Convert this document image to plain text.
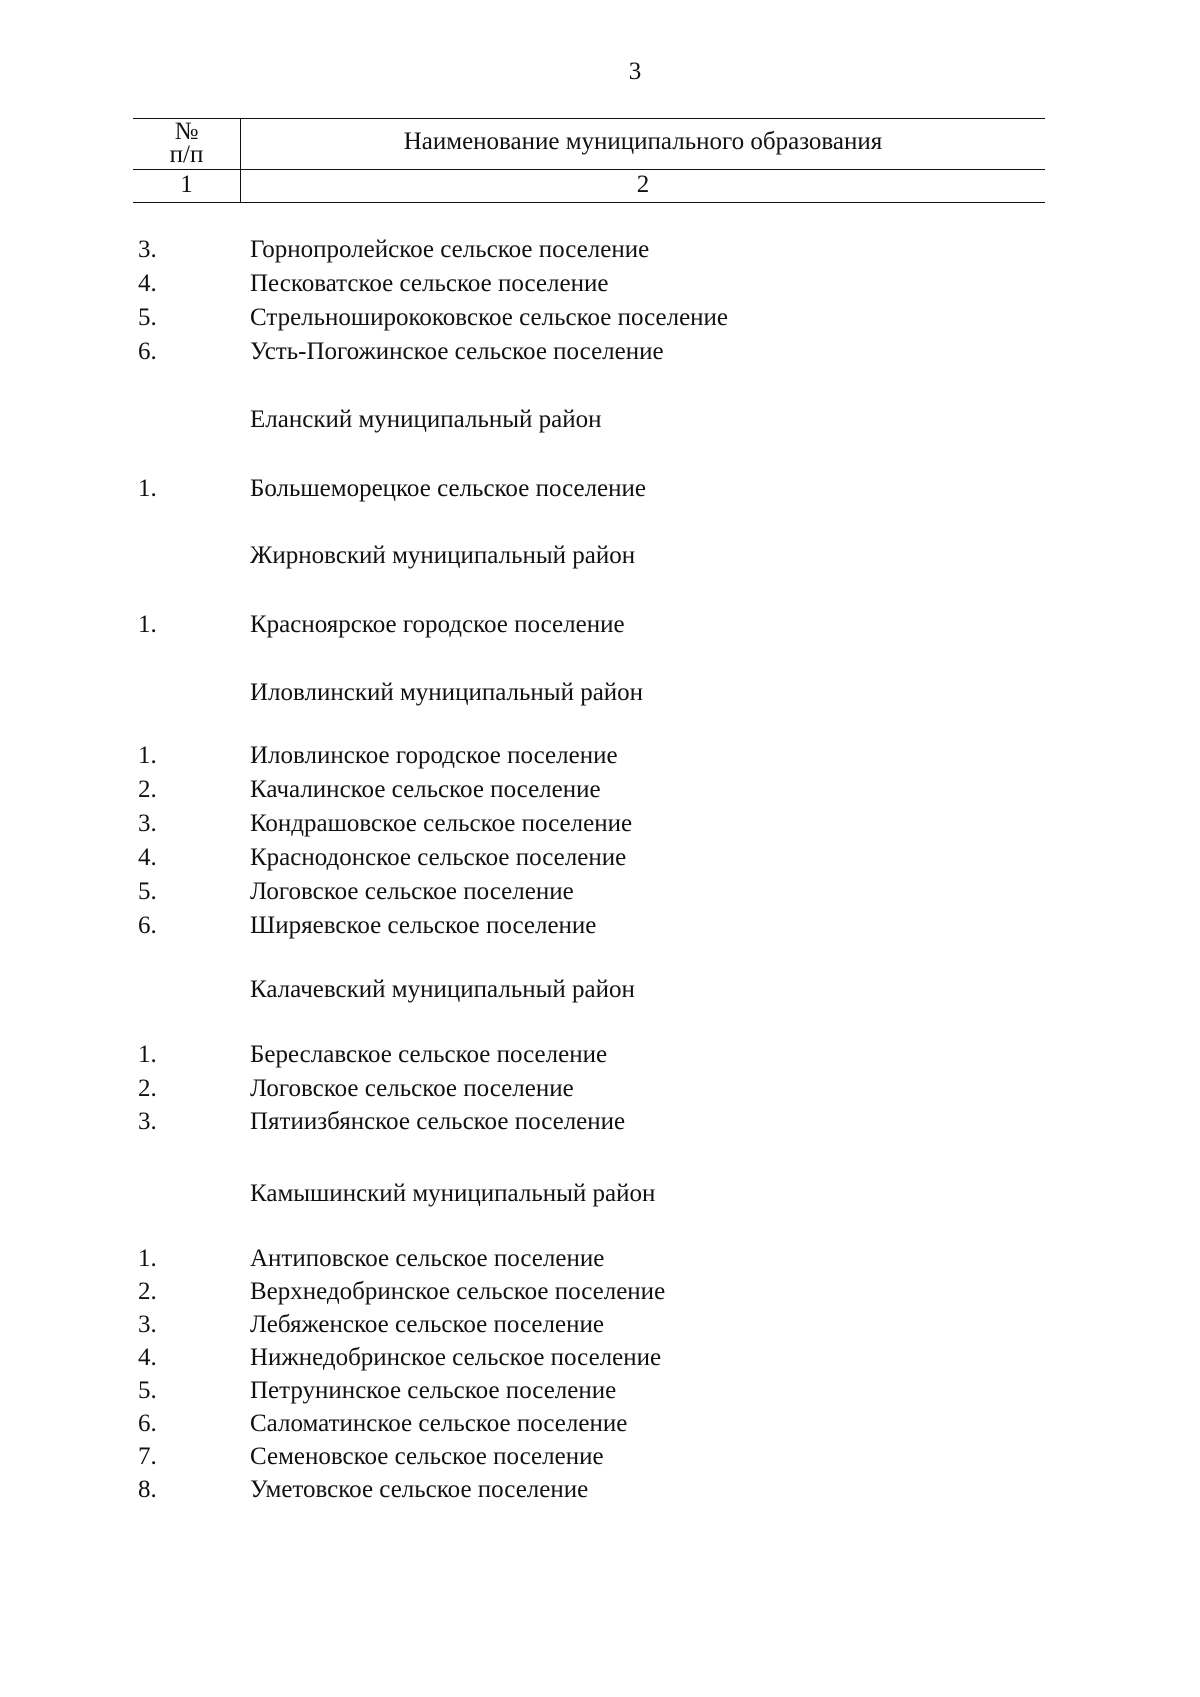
3
№
п/п	Наименование муниципального образования
1	2
3.	Горнопролейское сельское поселение
4.	Песковатское сельское поселение
5.	Стрельноширококовское сельское поселение
6.	Усть-Погожинское сельское поселение
Еланский муниципальный район
1.	Большеморецкое сельское поселение
Жирновский муниципальный район
1.	Красноярское городское поселение
Иловлинский муниципальный район
1.	Иловлинское городское поселение
2.	Качалинское сельское поселение
3.	Кондрашовское сельское поселение
4.	Краснодонское сельское поселение
5.	Логовское сельское поселение
6.	Ширяевское сельское поселение
Калачевский муниципальный район
1.	Береславское сельское поселение
2.	Логовское сельское поселение
3.	Пятиизбянское сельское поселение
Камышинский муниципальный район
1.	Антиповское сельское поселение
2.	Верхнедобринское сельское поселение
3.	Лебяженское сельское поселение
4.	Нижнедобринское сельское поселение
5.	Петрунинское сельское поселение
6.	Саломатинское сельское поселение
7.	Семеновское сельское поселение
8.	Уметовское сельское поселение
